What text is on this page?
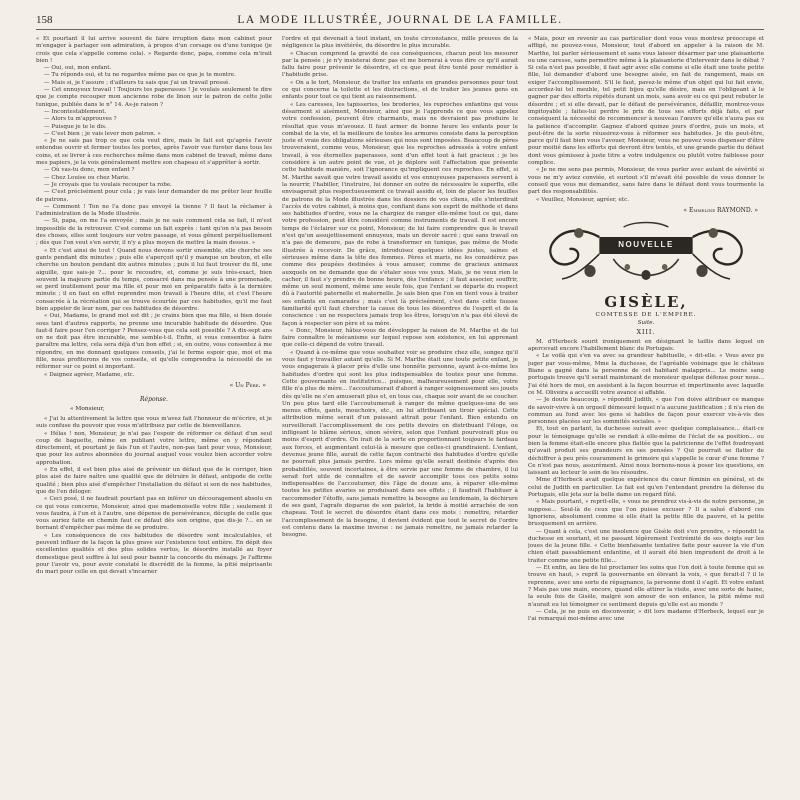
158	LA MODE ILLUSTRÉE, JOURNAL DE LA FAMILLE.

« Et pourtant il lui arrive souvent de faire irruption dans mon cabinet pour m'engager à partager son admiration, à propos d'un corsage ou d'une tunique (je crois que cela s'appelle comme cela). » Regarde donc, papa, comme cela m'irait bien !

— Oui, oui, mon enfant.

— Tu réponds oui, et tu ne regardes même pas ce que je te montre.

— Mais si, je t'assure ; d'ailleurs tu sais que j'ai un travail pressé.

— Cet ennuyeux travail ! Toujours tes paperasses ! Je voulais seulement te dire que je compte recouper mon ancienne robe de linon sur le patron de cette jolie tunique, publiée dans le n° 14. As-je raison ?

— Incontestablement.

— Alors tu m'approuves ?

— Puisque je te le dis.

— C'est bien ; je vais lever mon patron. »

« Je ne sais pas trop ce que cela veut dire, mais le fait est qu'après l'avoir entendue ouvrir et fermer toutes les portes, après l'avoir vue fureter dans tous les coins, et se livrer à ces recherches même dans mon cabinet de travail, même dans mes papiers, je la vois généralement mettre son chapeau et s'apprêter à sortir.

— Où vas-tu donc, mon enfant ?

— Chez Louise ou chez Marie.

— Je croyais que tu voulais recouper ta robe.

— C'est précisément pour cela ; je vais leur demander de me prêter leur feuille de patrons.

— Comment ! Ton ne l'a donc pas envoyé la tienne ? Il faut la réclamer à l'administration de la Mode illustrée.

— Si, papa, on me l'a envoyée ; mais je ne sais comment cela se fait, il m'est impossible de la retrouver. C'est comme un fait exprès : tant qu'on n'a pas besoin des choses, elles sont toujours sur votre passage, et vous gênent perpétuellement ; dès que l'on veut s'en servir, il n'y a plus moyen de mettre la main dessus. »

« Et c'est ainsi de tout ! Quand nous devons sortir ensemble, elle cherche ses gants pendant dix minutes ; puis elle s'aperçoit qu'il y manque un bouton, et elle cherche un bouton pendant dix autres minutes ; puis il lui faut trouver du fil, une aiguille, que sais-je ?... pour le recoudre, et, comme je suis très-exact, bien souvent la majeure partie du temps, consacré dans ma pensée à une promenade, se perd inutilement pour ma fille et pour moi en préparatifs faits à la dernière minute ; il en faut en effet reprendre mon travail à l'heure dite, et c'est l'heure consacrée à la récréation qui se trouve écourtée par ces habitudes, qu'il me faut bien appeler de leur nom, par ces habitudes de désordre.

« Oui, Madame, le grand mot est dit ; je crains bien que ma fille, si bien douée sous tant d'autres rapports, ne prenne une incurable habitude de désordre. Que faut-il faire pour l'en corriger ? Pensez-vous que cela soit possible ? A dix-sept ans on ne doit pas être incurable, me semble-t-il. Enfin, si vous consentez à faire paraître ma lettre, cela sera déjà d'un bon effet ; si, en outre, vous consentez à me répondre, en me donnant quelques conseils, j'ai le ferme espoir que, moi et ma fille, nous profiterons de vos conseils, et qu'elle comprendra la nécessité de se réformer sur ce point si important.

« Daignez agréer, Madame, etc.

« Un Père. »
Réponse.
« Monsieur,

« J'ai lu attentivement la lettre que vous m'avez fait l'honneur de m'écrire, et je suis confuse du pouvoir que vous m'attribuez par cette de bienveillance.

« Hélas ! non, Monsieur, je n'ai pas l'espoir de réformer ce défaut d'un seul coup de baguette, même en publiant votre lettre, même en y répondant directement, et pourtant je fais l'un et l'autre, non-pas tant pour vous, Monsieur, que pour les autres abonnées du journal auquel vous voulez bien accorder votre approbation.

« En effet, il est bien plus aisé de prévenir un défaut que de le corriger, bien plus aisé de faire naître une qualité que de détruire le défaut, antipode de cette qualité ; bien plus aisé d'empêcher l'installation du défaut si son de nos habitudes, que de l'en déloger.

« Ceci posé, il ne faudrait pourtant pas en inférer un découragement absolu en ce qui vous concerne, Monsieur, ainsi que mademoiselle votre fille ; seulement il vous faudra, à l'un et à l'autre, une dépense de persévérance, décuple de celle que vous auriez faite en chemin faut ce défaut dès son origine, que dis-je ?... en se bornant d'empêcher pas même de se produire.

« Les conséquences de ces habitudes de désordre sont incalculables, et peuvent influer de la façon la plus grave sur l'existence tout entière. En dépit des excellentes qualités et des plus solides vertus, le désordre installé au foyer domestique peut suffire à lui seul pour bannir la concorde du ménage. Je l'affirme pour l'avoir vu, pour avoir constaté le discrédit de la femme, la pitié méprisante du mari pour celle en qui devait s'incarner

l'ordre et qui devenait à tout instant, en toute circonstance, mille preuves de la négligence la plus invétérée, du désordre le plus incurable.

« Chacun comprend la gravité de ces conséquences, chacun peut les mesurer par la pensée ; je n'y insisterai donc pas et me bornerai à vous dire ce qu'il aurait fallu faire pour prévenir le désordre, et ce que peut être tenté pour remédier à l'habitude prise.

« On a le tort, Monsieur, de traiter les enfants en grandes personnes pour tout ce qui concerne la toilette et les distractions, et de traiter les jeunes gens en enfants pour tout ce qui tient au raisonnement.

« Les caresses, les tapisseries, les broderies, les reproches enfantins qui vous désarment si aisément, Monsieur, ainsi que je l'apprends ce que vous appelez votre confession, peuvent être charmants, mais ne devraient pas produire le résultat que vous m'avouez. Il faut armer de bonne heure les enfants pour le combat de la vie, et la meilleure de toutes les armures consiste dans la perception juste et vraie des obligations sérieuses qui nous sont imposées. Beaucoup de pères trouveraient, comme vous, Monsieur, que les reproches adressés à votre enfant travail, à vos éternelles paperasses, sont d'un effet tout à fait gracieux ; je les considère à un autre point de vue, et je déplore soit l'affectation que présente cette habitude manière, soit l'ignorance qu'impliquent ces reproches. En effet, si M. Marthe savait que votre travail assidu et vos ennuyeuses paperasses servent à la nourrir, l'habiller, l'instruire, lui donner en outre de nécessaire le superflu, elle envisagerait plus respectueusement ce travail assidu et, loin de placer les feuilles de patrons de la Mode illustrée dans les dossiers de vos cliens, elle s'interdirait l'accès de votre cabinet, à moins que, confiant dans son esprit de méthode et dans ses habitudes d'ordre, vous ne la chargiez de ranger elle-même tout ce qui, dans votre profession, peut être considéré comme instruments de travail. Il est encore temps de l'éclairer sur ce point, Monsieur, de lui faire comprendre que le travail n'est qu'un assujettissement ennuyeux, mais un devoir sacré ; que sans travail on n'a pas de demeure, pas de robe à transformer en tunique, pas même de Mode illustrée à recevoir. De grâce, introduisez quelques idées justes, saines et sérieuses même dans la tête des femmes. Pères et maris, ne les considérez pas comme des poupées destinées à vous amuser, comme de gracieux animaux auxquels on ne demande que de s'étaler sous vos yeux. Mais, je ne veux rien le cacher, il faut s'y prendre de bonne heure, dès l'enfance ; il faut associer, souffrir, même un seul moment, même une seule fois, que l'enfant se départe du respect dû à l'autorité paternelle et maternelle. Je sais bien que l'on en tient vous à traiter ses enfants en camarades ; mais c'est là précisément, c'est dans cette fausse familiarité qu'il faut chercher la cause de tous les désordres de l'esprit et de la conscience : un ne respectera jamais trop les êtres, lorsqu'on n'a pas été élevé de façon à respecter son père et sa mère.

« Donc, Monsieur, hâtez-vous de développer la raison de M. Marthe et de lui faire connaître le mécanisme sur lequel repose son existence, en lui apprenant que celle-ci dépend de votre travail.

« Quand à ce-même que vous souhaitez voir se produire chez elle, songez qu'il vous faut y travailler autant qu'elle. Si M. Marthe était une toute petite enfant, je vous engagerais à placer près d'elle une honnête personne, ayant à-ce-même les habitudes d'ordre qui sont les plus indispensables de toutes pour une femme. Cette gouvernante en institutrice... puisque, malheureusement pour elle, votre fille n'a plus de mère... l'accoutumerait d'abord à ranger soigneusement ses jouets dès qu'elle ne s'en amuserait plus et, en tous cas, chaque soir avant de se coucher. Un peu plus tard elle l'accoutumerait à ranger de même quelques-uns de ses menus effets, gants, mouchoirs, etc., en lui attribuant un tiroir spécial. Cette attribution même serait d'un puissant attrait pour l'enfant. Bien entendu on surveillerait l'accomplissement de ces petits devoirs en distribuant l'éloge, ou infligeant le blâme sérieux, sinon sévère, selon que l'enfant pourvoirait plus ou moins d'esprit d'ordre. On irait de la sorte en proportionnant toujours le fardeau aux forces, et augmentant celui-là à mesure que celles-ci grandiraient. L'enfant, devenue jeune fille, aurait de cette façon contracté des habitudes d'ordre qu'elle ne pourrait plus jamais perdre. Lors même qu'elle serait destinée d'après des probabilités, souvent incertaines, à être servie par une femme de chambre, il lui serait fort utile de connaître et de savoir accomplir tous ces petits soins indispensables de l'accoutumer, dès l'âge de douze ans, à réparer elle-même toutes les petites avaries se produisant dans ses effets ; il faudrait l'habituer à raccommoder l'étoffe, sans jamais remettre la besogne au lendemain, la déchirure de ses gant, l'agrafe disparue de son paletot, la bride à moitié arrachée de son chapeau. Tout le secret du désordre étant dans ces mots : remettre, retarder l'accomplissement de la besogne, il devient évident que tout le secret de l'ordre est contenu dans la maxime inverse : ne jamais remettre, ne jamais retarder la besogne.

« Mais, pour en revenir au cas particulier dont vous vous montrez préoccupé et affligé, ne pouvez-vous, Monsieur, tout d'abord en appeler à la raison de M. Marthe, lui parler sérieusement et sans vous laisser désarmer par une plaisanterie ou une caresse, sans permettre même à la plaisanterie d'intervenir dans le débat ? Si cela n'est pas possible, il faut agir avec elle comme si elle était une toute petite fille, lui demander d'abord une besogne aisée, en fait de rangement, mais en exiger l'accomplissement. S'il le faut, pavez-le même d'un objet qui lui fait envie, accordez-lui tel meuble, tel petit bijou qu'elle désire, mais en l'obligeant à le gagner par des efforts répétés durant un mois, sans avoir eu ce qui peut rebuter le désordre ; et si elle devait, par le défaut de persévérance, défaillir, montrez-vous impitoyable ; faites-lui perdre le prix de tous ses efforts déjà faits, et par conséquent la nécessité de recommencer à nouveau l'œuvre qu'elle n'aura pas eu la patience d'accomplir. Gagnez d'abord quinze jours d'ordre, puis un mois, et peut-être de la sorte réussirez-vous à réformer ses habitudes. Je dis peut-être, parce qu'il faut bien vous l'avouer, Monsieur, vous ne pouvez vous dispenser d'être pour moitié dans les efforts qui devront être tentés, et une grande partie du défaut dont vous gémissez à juste titre a votre indulgence ou plutôt votre faiblesse pour complice.

« Je ne me sens pas permis, Monsieur, de vous parler avec autant de sévérité si vous ne m'y aviez conviée, et surtout s'il m'avait été possible de vous donner le conseil que vous me demandez, sans faire dans le défaut dont vous tourmente la part des responsabilités.

« Veuillez, Monsieur, agréer, etc.

« Emmeline RAYMOND. »
NOUVELLE
GISÈLE,
COMTESSE DE L'EMPIRE.
Suite.
XIII.

M. d'Herbeck sourit ironiquement en désignant le taillis dans lequel on apercevait encore l'habillement blanc du Portugais.

« Le voilà qui s'en va avec sa grandeur habituelle, » dit-elle. « Vous avez pu juger par vous-même, Mme la duchesse, de l'agréable voisinage que le château Biane a gagné dans la personne de cet habitant malappris... Le moins sang portugais trouve qu'il serait maintenant de monsieur quelque défense pour nous... J'ai été hors de moi, en assistant à la façon bourrue et impertinente avec laquelle ce M. Oliveira a accueilli votre avance si affable.

— Je doute beaucoup, » répondit Judith, « que l'on doive attribuer ce manque de savoir-vivre à un orgueil démesuré lequel n'a aucune justification ; il n'a rien de commun au fond avec les gens si habiles de façon pour exercer vis-à-vis des personnes placées sur les sommités sociales. »

Et, tout en parlant, la duchesse suivait avec quelque complaisance... était-ce pour le témoignage qu'elle se rendait à elle-même de l'éclat de sa position... ou bien la femme était-elle encore plus flattée que la patricienne de l'effet foudroyant qu'avait produit ses grandeurs en ses pensées ? Qui pourrait se flatter de déchiffrer à peu près couramment le grimoire qui s'appelle le cœur d'une femme ? Ce n'est pas nous, assurément. Ainsi nous bornons-nous à poser les questions, en laissant au lecteur le soin de les résoudre.

Mme d'Herbeck avait quelque expérience du cœur féminin en général, et de celui de Judith en particulier. Le fait est qu'en l'entendant prendre la défense du Portugais, elle jeta sur la belle dame un regard fûté.

« Mais pourtant, » reprit-elle, « vous ne prendrez vis-à-vis de notre personne, je suppose... Seul-là de ceux que l'on puisse excuser ? Il a salué d'abord ces Ignoriens, absolument comme si elle était la petite fille du pauvre, et la petite brusquement en arrière.

— Quant à cela, c'est une insolence que Gisèle doit s'en prendre, » répondit la duchesse en souriant, et ne passant légèrement l'extrémité de ses doigts sur les joues de la jeune fille. « Cette bienfaisante tentative faite pour sauver la vie d'un chien était passablement enfantine, et il aurait été bien imprudent de droit à le traiter comme une petite fille...

— Et enfin, au lieu de lui proclamer les soins que l'on doit à toute femme qui se trouve en haut, » reprit la gouvernante en élevant la voix, « que ferait-il ? il le reprenne, avec une sorte de répugnance, la personne dont il s'agit. Et votre enfant ? Mais pas une main, encore, quand elle attirer la visite, avec une sorte de haine, la seule fois de Gisèle, malgré son amour de son enfance, la pitié même nul n'aurait eu lui témoigner ce sentiment depuis qu'elle est au monde ?

— Cela, je ne puis en disconvenir, » dit lors madame d'Herbeck, lequel sur je l'ai remarqué moi-même avec une
